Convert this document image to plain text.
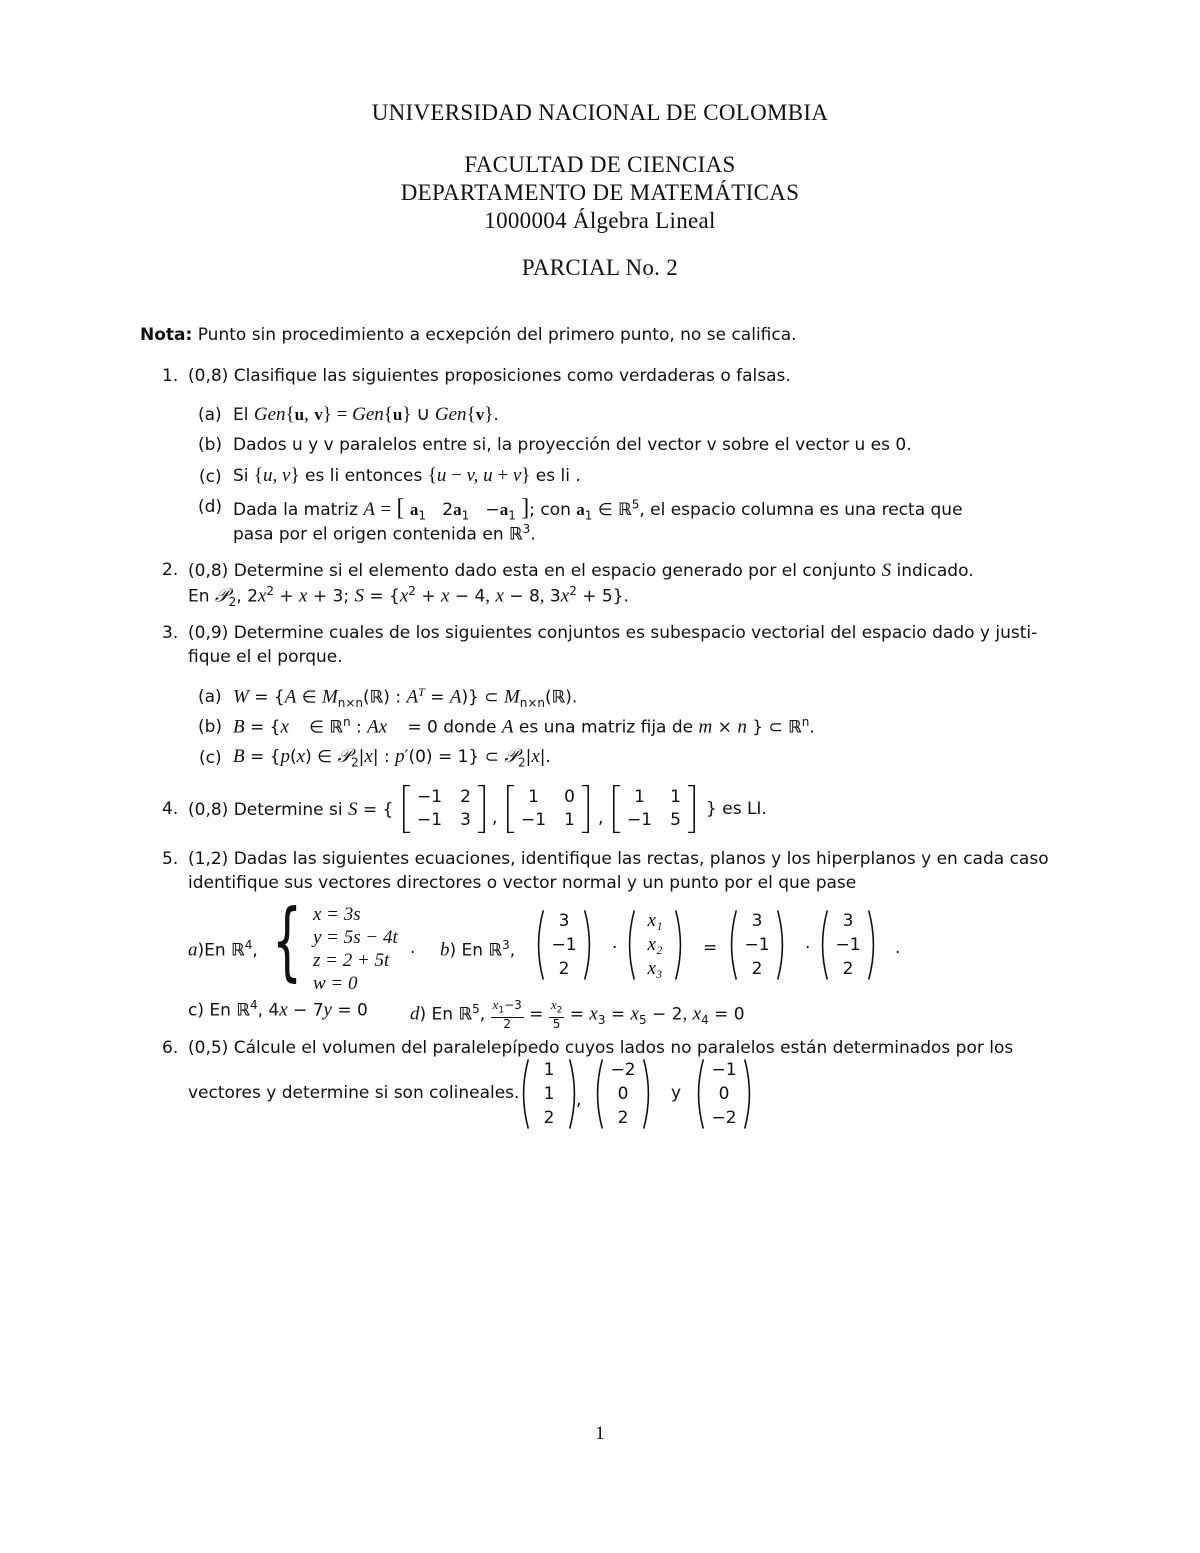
UNIVERSIDAD NACIONAL DE COLOMBIA
FACULTAD DE CIENCIAS
DEPARTAMENTO DE MATEMÁTICAS
1000004 Álgebra Lineal
PARCIAL No. 2
Nota: Punto sin procedimiento a ecxepción del primero punto, no se califica.
1. (0,8) Clasifique las siguientes proposiciones como verdaderas o falsas.
(a) El Gen{u, v} = Gen{u} ∪ Gen{v}.
(b) Dados u y v paralelos entre si, la proyección del vector v sobre el vector u es 0.
(c) Si {u, v} es li entonces {u − v, u + v} es li .
(d) Dada la matriz A = [ $a_1$   $2a_1 -a_1$ ]; con $a_1$ ∈ ℝ$^5$, el espacio columna es una recta que
pasa por el origen contenida en ℝ$^3$.
2. (0,8) Determine si el elemento dado esta en el espacio generado por el conjunto S indicado.
En 𝒫$_2$, $2x^2 + x + 3$; $S = \{x^2 + x - 4$, x − 8, $3x^2 + 5$}.
3. (0,9) Determine cuales de los siguientes conjuntos es subespacio vectorial del espacio dado y justi-
fique el el porque.
(a) W = {A ∈ $M_{n\times n}(ℝ)$ : $A^T = A$)} ⊂ $M_{n\times n}(ℝ)$.
(b) B = {x⃗ ∈ ℝ$^n$ : Ax⃗ = 0 donde A es una matriz fija de m × n } ⊂ ℝ$^n$.
(c) B = {p(x) ∈ 𝒫$_2$|x| : p′(0) = 1} ⊂ 𝒫$_2$|x|.
4. (0,8) Determine si S = {
−1 2
−1 3 ,
1	0
−1 1 ,
1	1
−1 5
} es LI.
5. (1,2) Dadas las siguientes ecuaciones, identifique las rectas, planos y los hiperplanos y en cada caso
identifique sus vectores directores o vector normal y un punto por el que pase
a)En ℝ$^4$, { x = 3s
y = 5s − 4t
z = 2 + 5t
w = 0
. b) En ℝ$^3$,
3
−1
2
·
x₁
x₂
x₃
=
3
−1
2
·
3
−1
2
.
c) En ℝ$^4$, 4x − 7y = 0 d) En ℝ$^5$, $\frac{x_1-3}{2} = \frac{x_2}{5} = x_3 = x_5 - 2$, $x_4 = 0$
6. (0,5) Cálcule el volumen del paralelepípedo cuyos lados no paralelos están determinados por los
vectores y determine si son colineales.
1
1
2
,
−2
0
2
y
−1
0
−2
1
